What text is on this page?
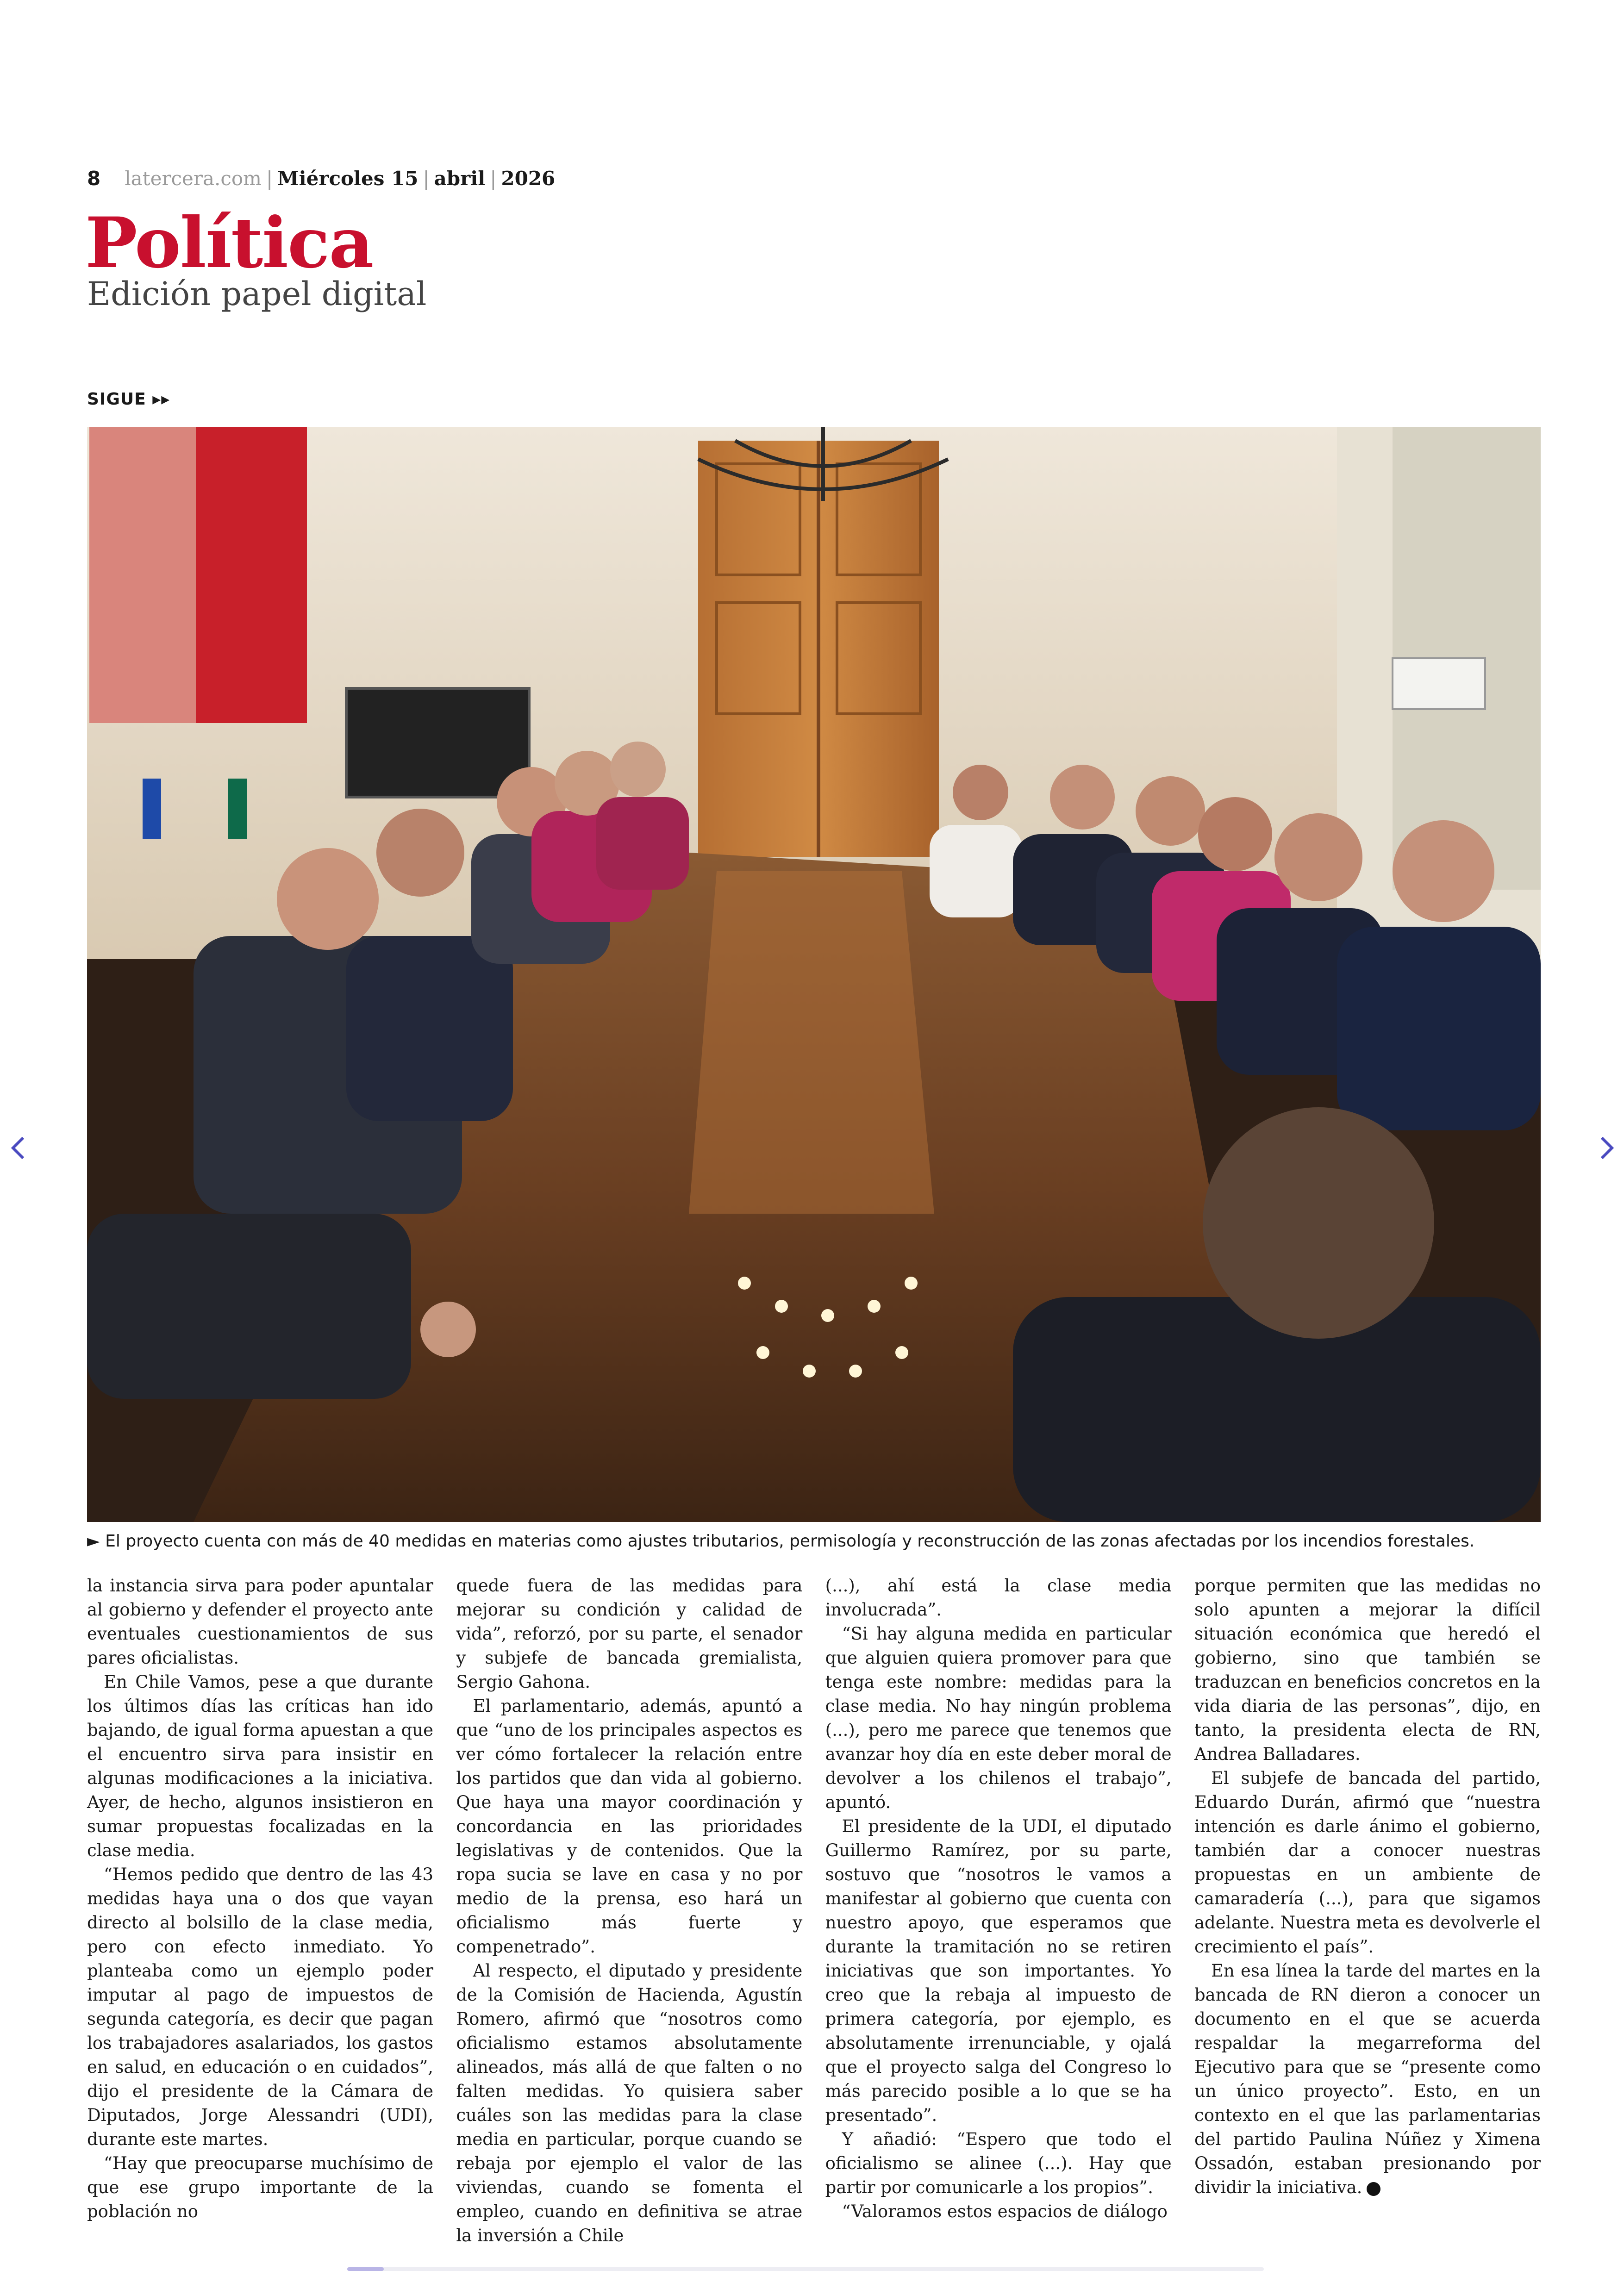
8 latercera.com | Miércoles 15 | abril | 2026
Política
Edición papel digital
SIGUE ▸▸
► El proyecto cuenta con más de 40 medidas en materias como ajustes tributarios, permisología y reconstrucción de las zonas afectadas por los incendios forestales.

la instancia sirva para poder apuntalar al gobierno y defender el proyecto ante eventuales cuestionamientos de sus pares oficialistas.

En Chile Vamos, pese a que durante los últimos días las críticas han ido bajando, de igual forma apuestan a que el encuentro sirva para insistir en algunas modificaciones a la iniciativa. Ayer, de hecho, algunos insistieron en sumar propuestas focalizadas en la clase media.

“Hemos pedido que dentro de las 43 medidas haya una o dos que vayan directo al bolsillo de la clase media, pero con efecto inmediato. Yo planteaba como un ejemplo poder imputar al pago de impuestos de segunda categoría, es decir que pagan los trabajadores asalariados, los gastos en salud, en educación o en cuidados”, dijo el presidente de la Cámara de Diputados, Jorge Alessandri (UDI), durante este martes.

“Hay que preocuparse muchísimo de que ese grupo importante de la población no

quede fuera de las medidas para mejorar su condición y calidad de vida”, reforzó, por su parte, el senador y subjefe de bancada gremialista, Sergio Gahona.

El parlamentario, además, apuntó a que “uno de los principales aspectos es ver cómo fortalecer la relación entre los partidos que dan vida al gobierno. Que haya una mayor coordinación y concordancia en las prioridades legislativas y de contenidos. Que la ropa sucia se lave en casa y no por medio de la prensa, eso hará un oficialismo más fuerte y compenetrado”.

Al respecto, el diputado y presidente de la Comisión de Hacienda, Agustín Romero, afirmó que “nosotros como oficialismo estamos absolutamente alineados, más allá de que falten o no falten medidas. Yo quisiera saber cuáles son las medidas para la clase media en particular, porque cuando se rebaja por ejemplo el valor de las viviendas, cuando se fomenta el empleo, cuando en definitiva se atrae la inversión a Chile

(...), ahí está la clase media involucrada”.

“Si hay alguna medida en particular que alguien quiera promover para que tenga este nombre: medidas para la clase media. No hay ningún problema (...), pero me parece que tenemos que avanzar hoy día en este deber moral de devolver a los chilenos el trabajo”, apuntó.

El presidente de la UDI, el diputado Guillermo Ramírez, por su parte, sostuvo que “nosotros le vamos a manifestar al gobierno que cuenta con nuestro apoyo, que esperamos que durante la tramitación no se retiren iniciativas que son importantes. Yo creo que la rebaja al impuesto de primera categoría, por ejemplo, es absolutamente irrenunciable, y ojalá que el proyecto salga del Congreso lo más parecido posible a lo que se ha presentado”.

Y añadió: “Espero que todo el oficialismo se alinee (...). Hay que partir por comunicarle a los propios”.

“Valoramos estos espacios de diálogo

porque permiten que las medidas no solo apunten a mejorar la difícil situación económica que heredó el gobierno, sino que también se traduzcan en beneficios concretos en la vida diaria de las personas”, dijo, en tanto, la presidenta electa de RN, Andrea Balladares.

El subjefe de bancada del partido, Eduardo Durán, afirmó que “nuestra intención es darle ánimo el gobierno, también dar a conocer nuestras propuestas en un ambiente de camaradería (...), para que sigamos adelante. Nuestra meta es devolverle el crecimiento el país”.

En esa línea la tarde del martes en la bancada de RN dieron a conocer un documento en el que se acuerda respaldar la megarreforma del Ejecutivo para que se “presente como un único proyecto”. Esto, en un contexto en el que las parlamentarias del partido Paulina Núñez y Ximena Ossadón, estaban presionando por dividir la iniciativa.
